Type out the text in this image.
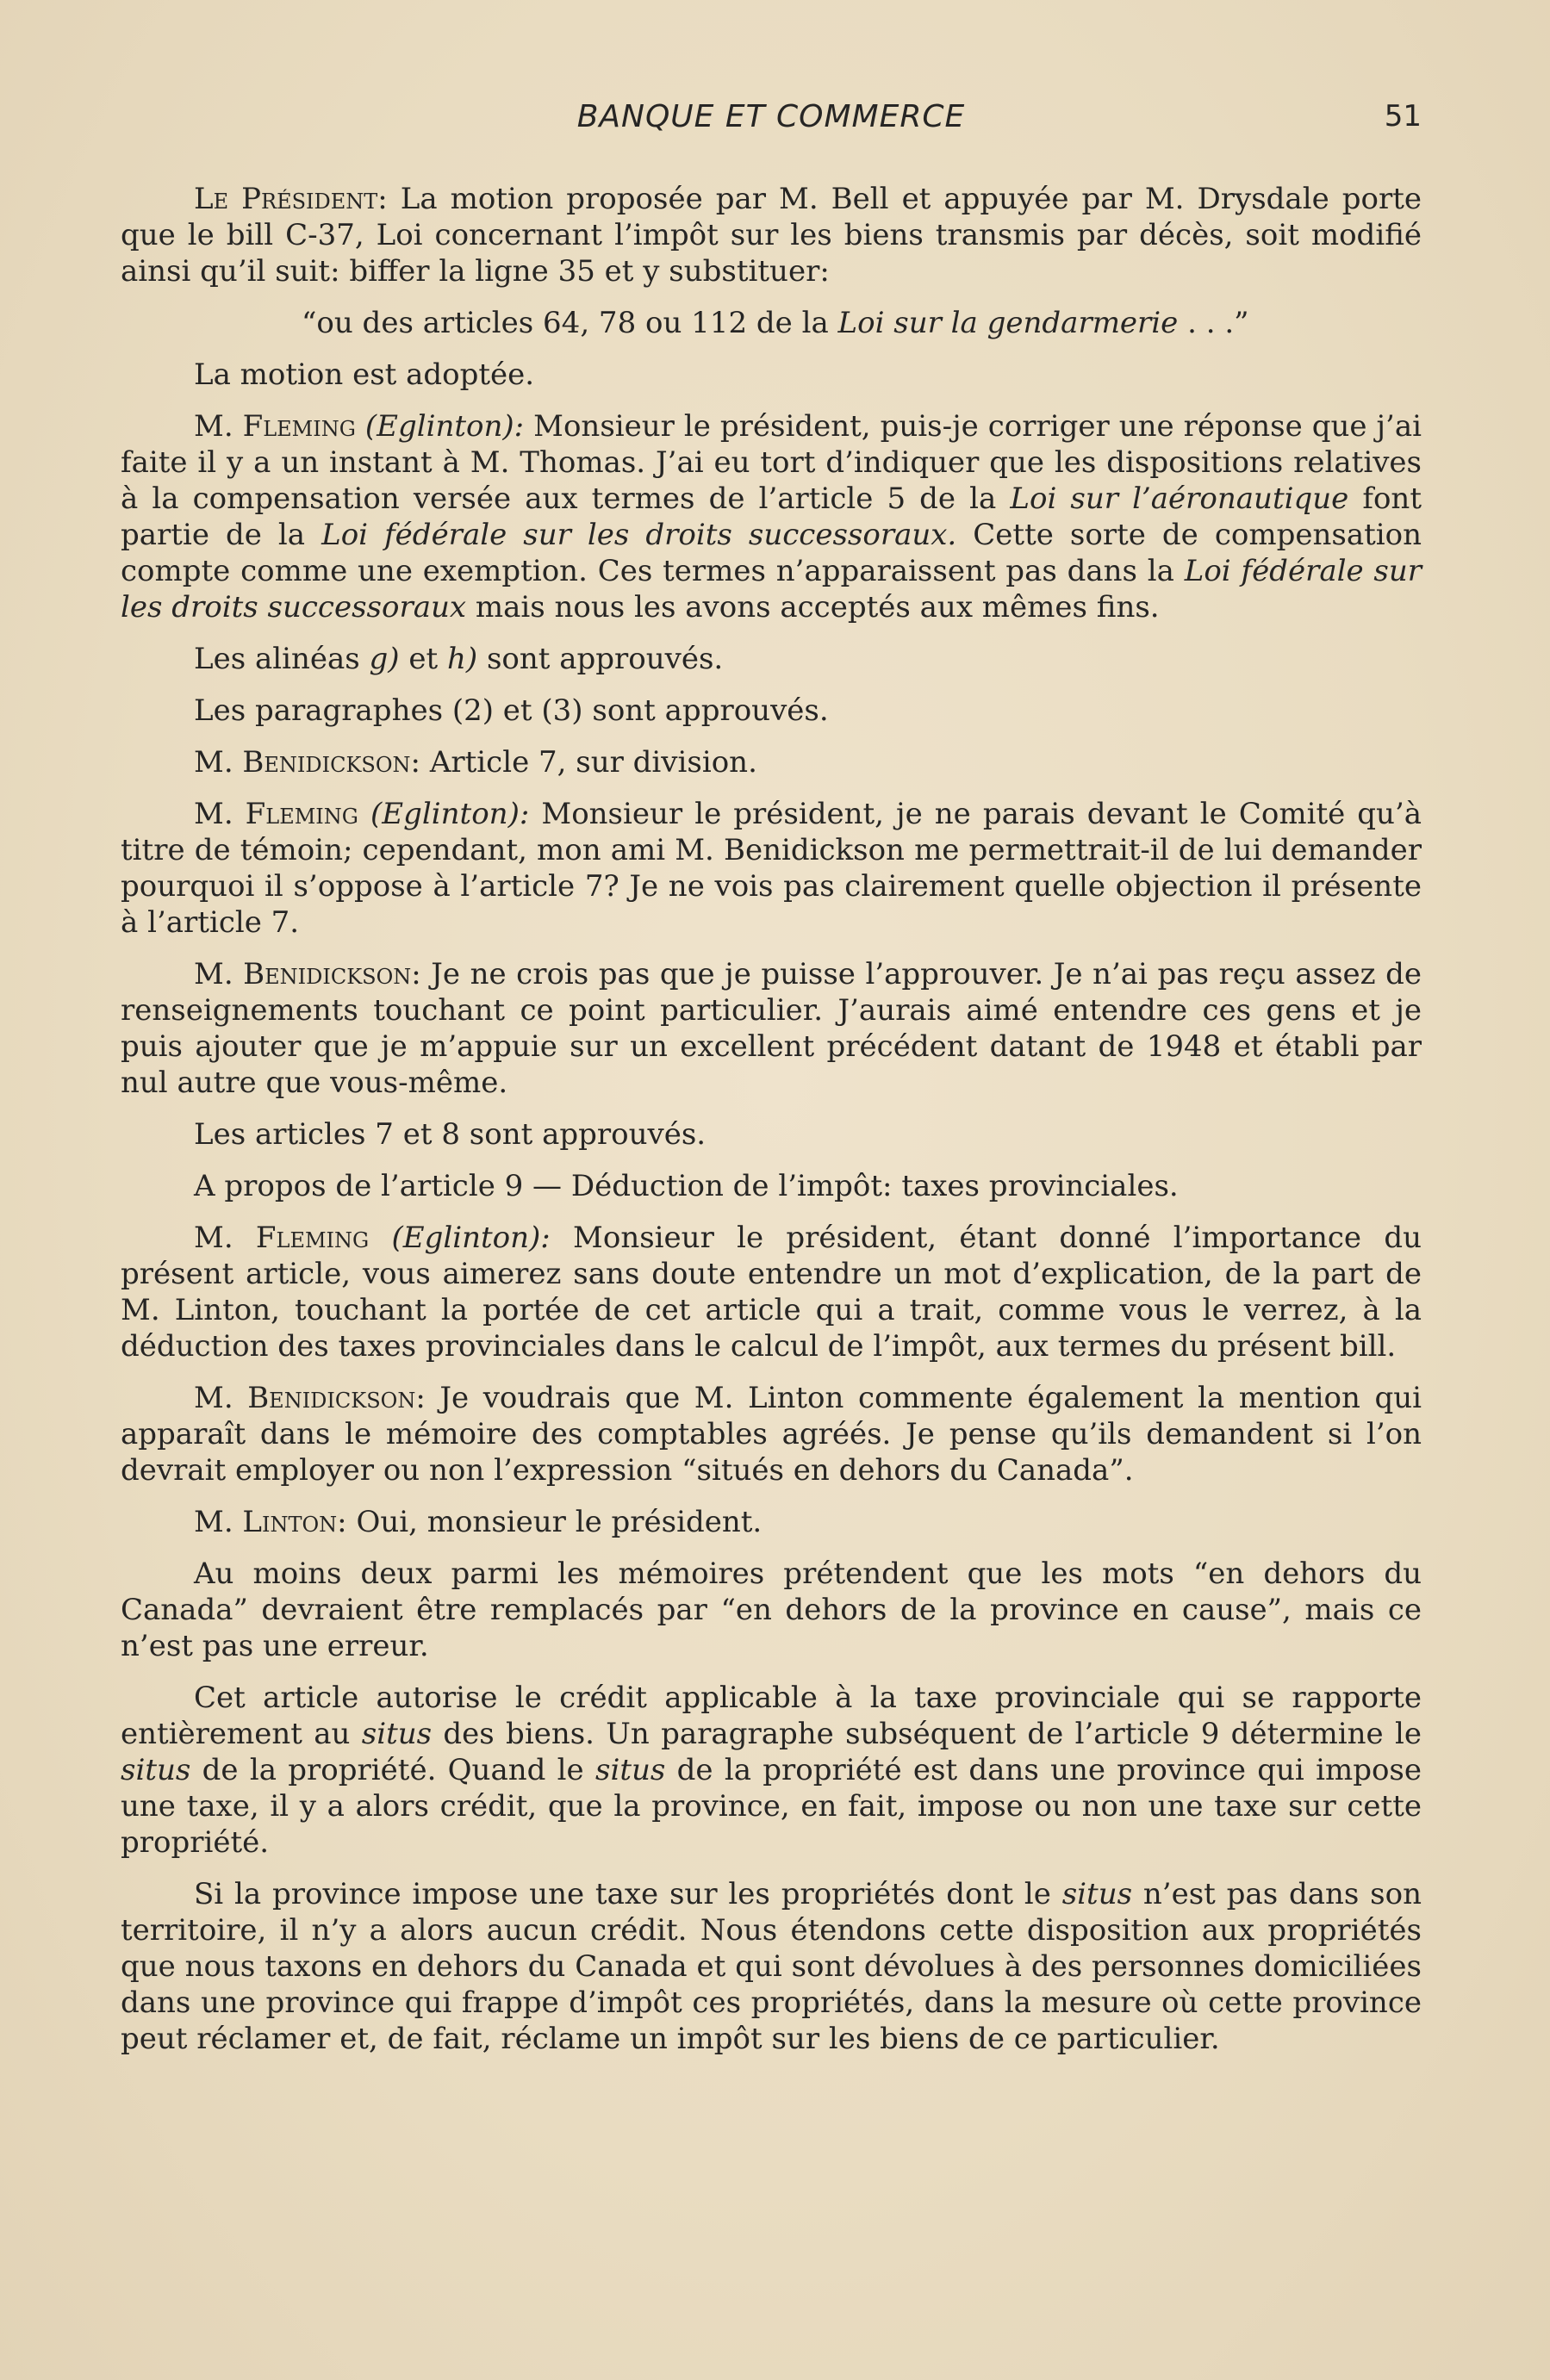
BANQUE ET COMMERCE	51

Le Président: La motion proposée par M. Bell et appuyée par M. Drysdale porte que le bill C-37, Loi concernant l’impôt sur les biens transmis par décès, soit modifié ainsi qu’il suit: biffer la ligne 35 et y substituer:

“ou des articles 64, 78 ou 112 de la Loi sur la gendarmerie . . .”

La motion est adoptée.

M. Fleming (Eglinton): Monsieur le président, puis-je corriger une réponse que j’ai faite il y a un instant à M. Thomas. J’ai eu tort d’indiquer que les dispositions relatives à la compensation versée aux termes de l’article 5 de la Loi sur l’aéronautique font partie de la Loi fédérale sur les droits successoraux. Cette sorte de compensation compte comme une exemption. Ces termes n’apparaissent pas dans la Loi fédérale sur les droits successoraux mais nous les avons acceptés aux mêmes fins.

Les alinéas g) et h) sont approuvés.

Les paragraphes (2) et (3) sont approuvés.

M. Benidickson: Article 7, sur division.

M. Fleming (Eglinton): Monsieur le président, je ne parais devant le Comité qu’à titre de témoin; cependant, mon ami M. Benidickson me permettrait-il de lui demander pourquoi il s’oppose à l’article 7? Je ne vois pas clairement quelle objection il présente à l’article 7.

M. Benidickson: Je ne crois pas que je puisse l’approuver. Je n’ai pas reçu assez de renseignements touchant ce point particulier. J’aurais aimé entendre ces gens et je puis ajouter que je m’appuie sur un excellent précédent datant de 1948 et établi par nul autre que vous-même.

Les articles 7 et 8 sont approuvés.

A propos de l’article 9 — Déduction de l’impôt: taxes provinciales.

M. Fleming (Eglinton): Monsieur le président, étant donné l’importance du présent article, vous aimerez sans doute entendre un mot d’explication, de la part de M. Linton, touchant la portée de cet article qui a trait, comme vous le verrez, à la déduction des taxes provinciales dans le calcul de l’impôt, aux termes du présent bill.

M. Benidickson: Je voudrais que M. Linton commente également la mention qui apparaît dans le mémoire des comptables agréés. Je pense qu’ils demandent si l’on devrait employer ou non l’expression “situés en dehors du Canada”.

M. Linton: Oui, monsieur le président.

Au moins deux parmi les mémoires prétendent que les mots “en dehors du Canada” devraient être remplacés par “en dehors de la province en cause”, mais ce n’est pas une erreur.

Cet article autorise le crédit applicable à la taxe provinciale qui se rapporte entièrement au situs des biens. Un paragraphe subséquent de l’article 9 détermine le situs de la propriété. Quand le situs de la propriété est dans une province qui impose une taxe, il y a alors crédit, que la province, en fait, impose ou non une taxe sur cette propriété.

Si la province impose une taxe sur les propriétés dont le situs n’est pas dans son territoire, il n’y a alors aucun crédit. Nous étendons cette disposition aux propriétés que nous taxons en dehors du Canada et qui sont dévolues à des personnes domiciliées dans une province qui frappe d’impôt ces propriétés, dans la mesure où cette province peut réclamer et, de fait, réclame un impôt sur les biens de ce particulier.
